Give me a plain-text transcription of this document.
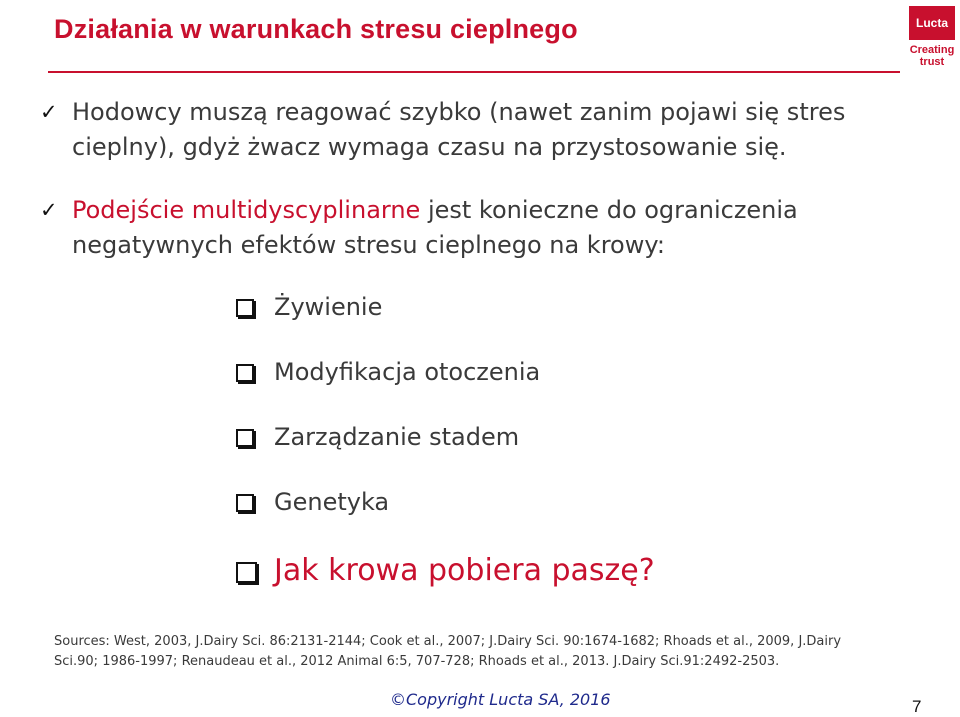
Działania w warunkach stresu cieplnego	Lucta
Creating
trust
✓ Hodowcy muszą reagować szybko (nawet zanim pojawi się stres
cieplny), gdyż żwacz wymaga czasu na przystosowanie się.
✓ Podejście multidyscyplinarne jest konieczne do ograniczenia
negatywnych efektów stresu cieplnego na krowy:
Żywienie
Modyfikacja otoczenia
Zarządzanie stadem
Genetyka
Jak krowa pobiera paszę?
Sources: West, 2003, J.Dairy Sci. 86:2131-2144; Cook et al., 2007; J.Dairy Sci. 90:1674-1682; Rhoads et al., 2009, J.Dairy
Sci.90; 1986-1997; Renaudeau et al., 2012 Animal 6:5, 707-728; Rhoads et al., 2013. J.Dairy Sci.91:2492-2503.
©Copyright Lucta SA, 2016	7
